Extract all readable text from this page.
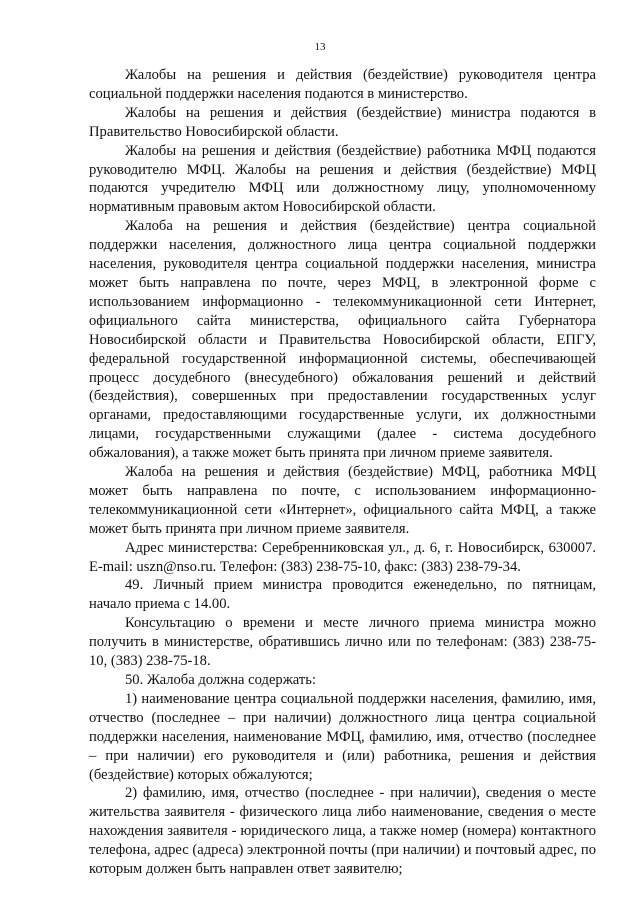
13

Жалобы на решения и действия (бездействие) руководителя центра социальной поддержки населения подаются в министерство.

Жалобы на решения и действия (бездействие) министра подаются в Правительство Новосибирской области.

Жалобы на решения и действия (бездействие) работника МФЦ подаются руководителю МФЦ. Жалобы на решения и действия (бездействие) МФЦ подаются учредителю МФЦ или должностному лицу, уполномоченному нормативным правовым актом Новосибирской области.

Жалоба на решения и действия (бездействие) центра социальной поддержки населения, должностного лица центра социальной поддержки населения, руководителя центра социальной поддержки населения, министра может быть направлена по почте, через МФЦ, в электронной форме с использованием информационно - телекоммуникационной сети Интернет, официального сайта министерства, официального сайта Губернатора Новосибирской области и Правительства Новосибирской области, ЕПГУ, федеральной государственной информационной системы, обеспечивающей процесс досудебного (внесудебного) обжалования решений и действий (бездействия), совершенных при предоставлении государственных услуг органами, предоставляющими государственные услуги, их должностными лицами, государственными служащими (далее - система досудебного обжалования), а также может быть принята при личном приеме заявителя.

Жалоба на решения и действия (бездействие) МФЦ, работника МФЦ может быть направлена по почте, с использованием информационно-телекоммуникационной сети «Интернет», официального сайта МФЦ, а также может быть принята при личном приеме заявителя.

Адрес министерства: Серебренниковская ул., д. 6, г. Новосибирск, 630007. E-mail: uszn@nso.ru. Телефон: (383) 238-75-10, факс: (383) 238-79-34.

49. Личный прием министра проводится еженедельно, по пятницам, начало приема с 14.00.

Консультацию о времени и месте личного приема министра можно получить в министерстве, обратившись лично или по телефонам: (383) 238-75-10, (383) 238-75-18.

50. Жалоба должна содержать:

1) наименование центра социальной поддержки населения, фамилию, имя, отчество (последнее – при наличии) должностного лица центра социальной поддержки населения, наименование МФЦ, фамилию, имя, отчество (последнее – при наличии) его руководителя и (или) работника, решения и действия (бездействие) которых обжалуются;

2) фамилию, имя, отчество (последнее - при наличии), сведения о месте жительства заявителя - физического лица либо наименование, сведения о месте нахождения заявителя - юридического лица, а также номер (номера) контактного телефона, адрес (адреса) электронной почты (при наличии) и почтовый адрес, по которым должен быть направлен ответ заявителю;
